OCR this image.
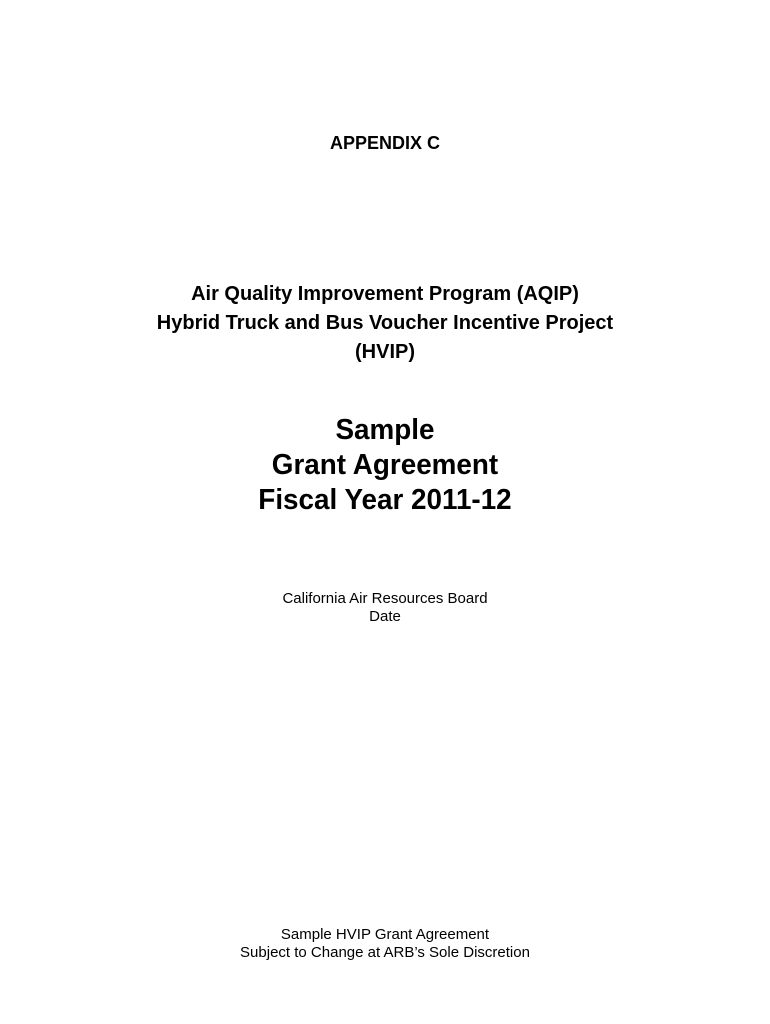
APPENDIX C
Air Quality Improvement Program (AQIP)
Hybrid Truck and Bus Voucher Incentive Project
(HVIP)
Sample
Grant Agreement
Fiscal Year 2011-12
California Air Resources Board
Date
Sample HVIP Grant Agreement
Subject to Change at ARB’s Sole Discretion
